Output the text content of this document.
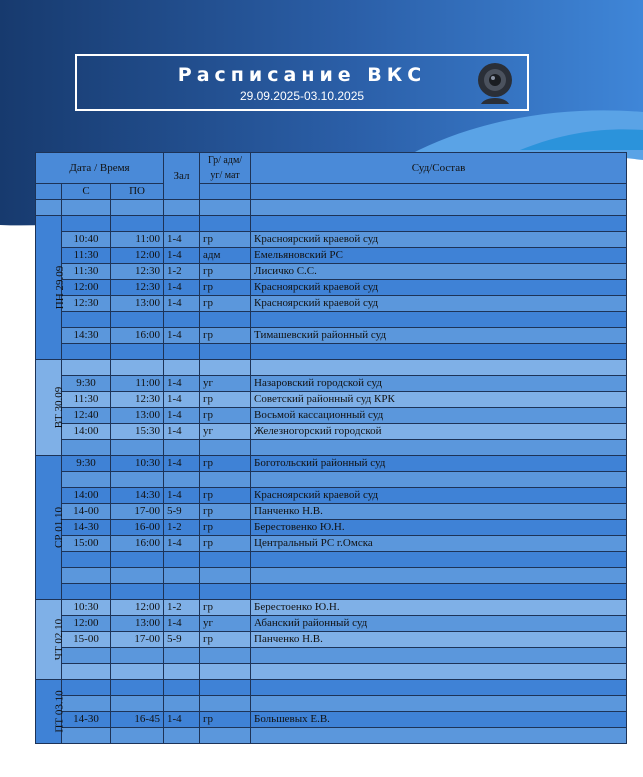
Расписание ВКС
29.09.2025-03.10.2025
Дата / Время			Зал	Гр/ адм/уг/ мат	Суд/Состав
	С	ПО			

ПН 29.09					
	10:40	11:00	1-4	гр	Красноярский краевой суд
	11:30	12:00	1-4	адм	Емельяновский РС
	11:30	12:30	1-2	гр	Лисичко С.С.
	12:00	12:30	1-4	гр	Красноярский краевой суд
	12:30	13:00	1-4	гр	Красноярский краевой суд

	14:30	16:00	1-4	гр	Тимашевский районный суд

ВТ 30.09					
	9:30	11:00	1-4	уг	Назаровский городской суд
	11:30	12:30	1-4	гр	Советский районный суд КРК
	12:40	13:00	1-4	гр	Восьмой кассационный суд
	14:00	15:30	1-4	уг	Железногорский городской

СР 01.10	9:30	10:30	1-4	гр	Боготольский районный суд

	14:00	14:30	1-4	гр	Красноярский краевой суд
	14-00	17-00	5-9	гр	Панченко Н.В.
	14-30	16-00	1-2	гр	Берестовенко Ю.Н.
	15:00	16:00	1-4	гр	Центральный РС г.Омска

ЧТ 02.10	10:30	12:00	1-2	гр	Берестоенко Ю.Н.
	12:00	13:00	1-4	уг	Абанский районный суд
	15-00	17-00	5-9	гр	Панченко Н.В.

ПТ 03.10					

	14-30	16-45	1-4	гр	Большевых Е.В.
